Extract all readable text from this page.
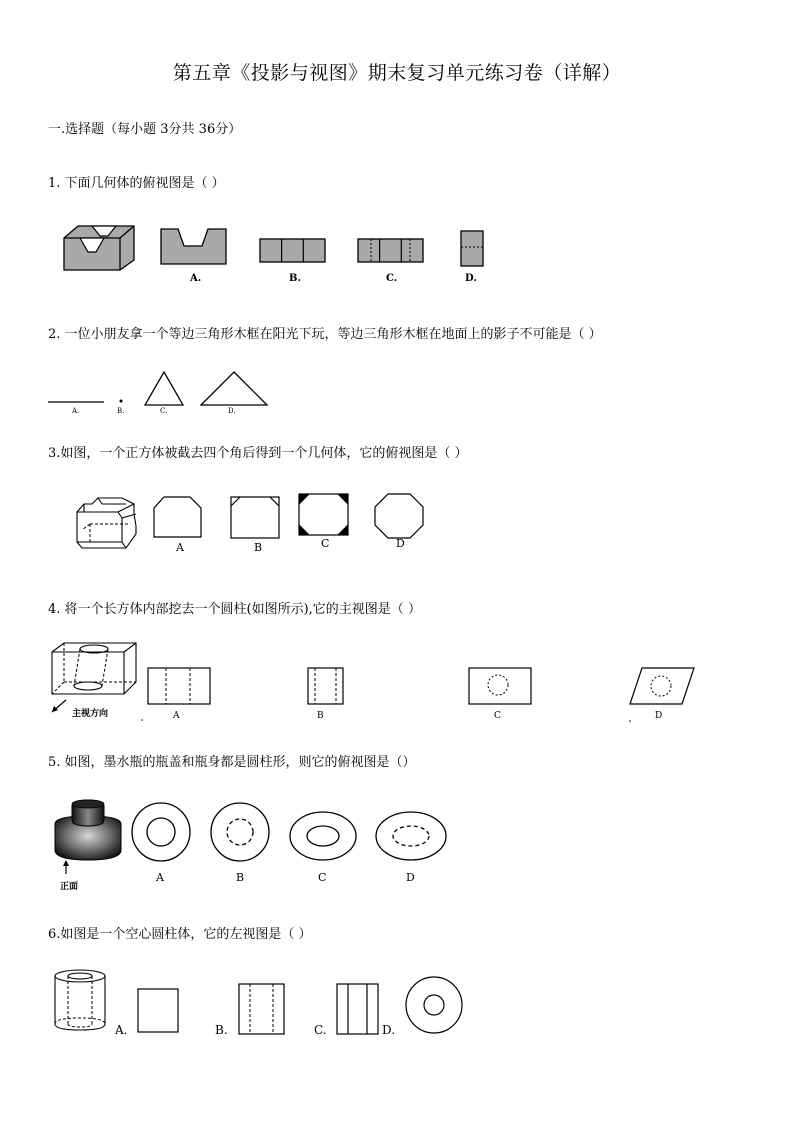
第五章《投影与视图》期末复习单元练习卷（详解）
一.选择题（每小题 3分共 36分）
1. 下面几何体的俯视图是（ ）
A.	B.	C.	D.
2. 一位小朋友拿一个等边三角形木框在阳光下玩，等边三角形木框在地面上的影子不可能是（ ）
A.	B.	C.	D.
3.如图，一个正方体被截去四个角后得到一个几何体，它的俯视图是（ ）
A	B	C	D
4. 将一个长方体内部挖去一个圆柱(如图所示),它的主视图是（ ）
主视方向	A	B	C	D
5. 如图，墨水瓶的瓶盖和瓶身都是圆柱形，则它的俯视图是（）
正面
A	B	C	D
6.如图是一个空心圆柱体，它的左视图是（ ）
A.	B.	C.	D.
